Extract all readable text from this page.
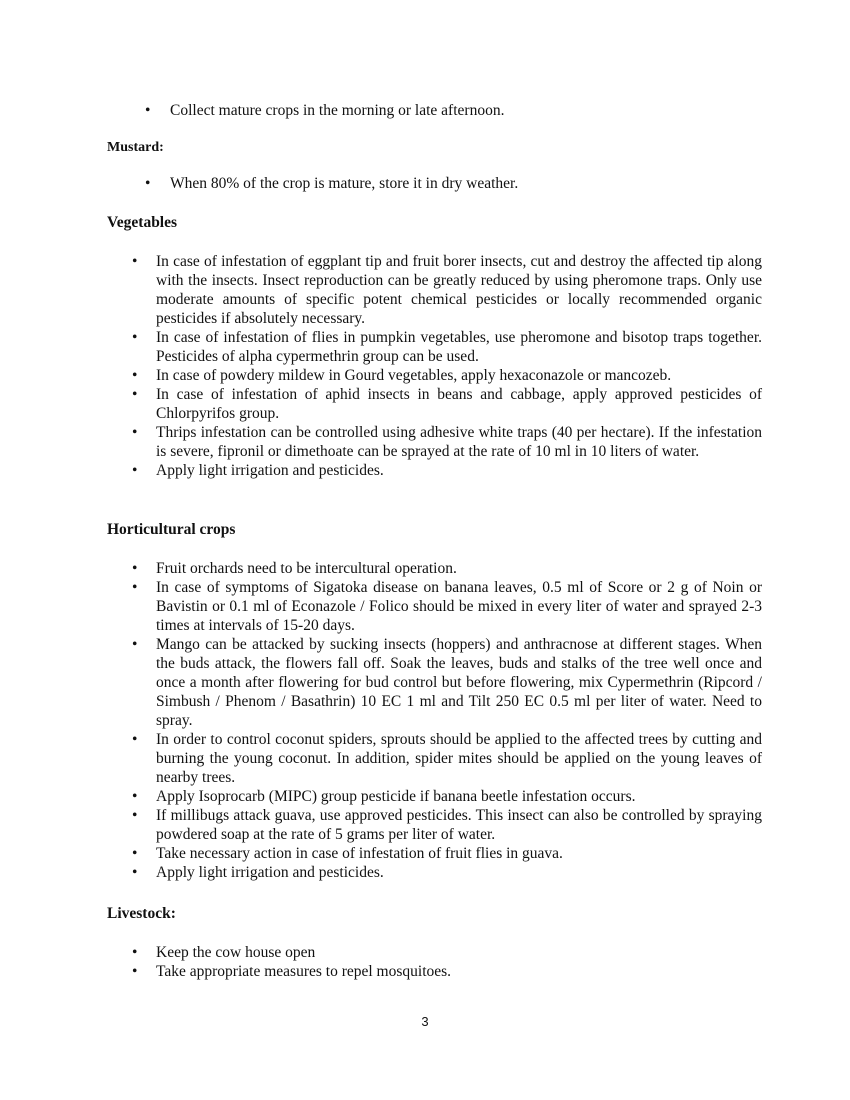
• Collect mature crops in the morning or late afternoon.

Mustard:

• When 80% of the crop is mature, store it in dry weather.

Vegetables

• In case of infestation of eggplant tip and fruit borer insects, cut and destroy the affected tip along with the insects. Insect reproduction can be greatly reduced by using pheromone traps. Only use moderate amounts of specific potent chemical pesticides or locally recommended organic pesticides if absolutely necessary.
• In case of infestation of flies in pumpkin vegetables, use pheromone and bisotop traps together. Pesticides of alpha cypermethrin group can be used.
• In case of powdery mildew in Gourd vegetables, apply hexaconazole or mancozeb.
• In case of infestation of aphid insects in beans and cabbage, apply approved pesticides of Chlorpyrifos group.
• Thrips infestation can be controlled using adhesive white traps (40 per hectare). If the infestation is severe, fipronil or dimethoate can be sprayed at the rate of 10 ml in 10 liters of water.
• Apply light irrigation and pesticides.

Horticultural crops

• Fruit orchards need to be intercultural operation.
• In case of symptoms of Sigatoka disease on banana leaves, 0.5 ml of Score or 2 g of Noin or Bavistin or 0.1 ml of Econazole / Folico should be mixed in every liter of water and sprayed 2-3 times at intervals of 15-20 days.
• Mango can be attacked by sucking insects (hoppers) and anthracnose at different stages. When the buds attack, the flowers fall off. Soak the leaves, buds and stalks of the tree well once and once a month after flowering for bud control but before flowering, mix Cypermethrin (Ripcord / Simbush / Phenom / Basathrin) 10 EC 1 ml and Tilt 250 EC 0.5 ml per liter of water. Need to spray.
• In order to control coconut spiders, sprouts should be applied to the affected trees by cutting and burning the young coconut. In addition, spider mites should be applied on the young leaves of nearby trees.
• Apply Isoprocarb (MIPC) group pesticide if banana beetle infestation occurs.
• If millibugs attack guava, use approved pesticides. This insect can also be controlled by spraying powdered soap at the rate of 5 grams per liter of water.
• Take necessary action in case of infestation of fruit flies in guava.
• Apply light irrigation and pesticides.

Livestock:

• Keep the cow house open
• Take appropriate measures to repel mosquitoes.
3
